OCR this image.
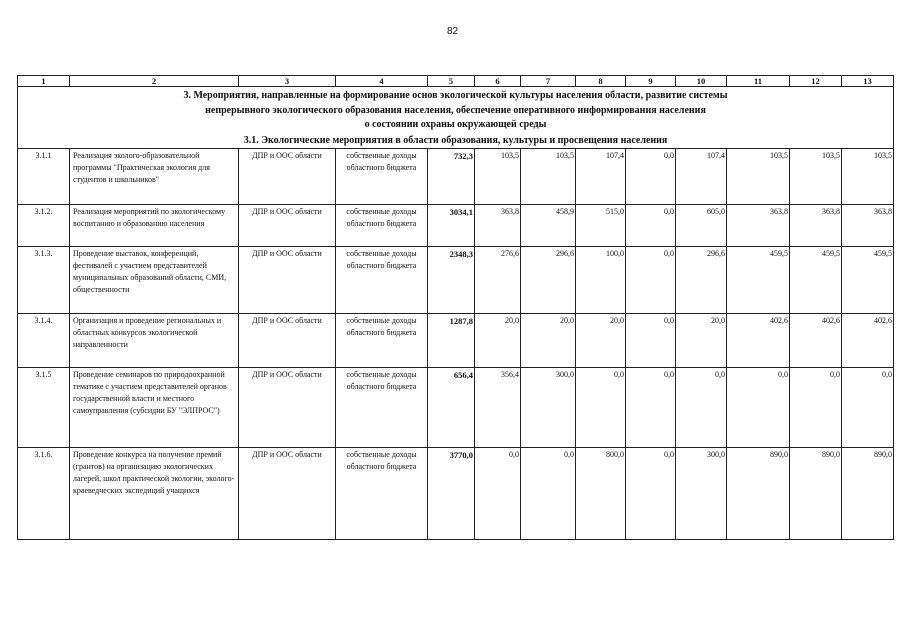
82
1	2	3	4	5	6	7	8	9	10	11	12	13

3. Мероприятия, направленные на формирование основ экологической культуры населения области, развитие системы
непрерывного экологического образования населения, обеспечение оперативного информирования населения
о состоянии охраны окружающей среды
3.1. Экологические мероприятия в области образования, культуры и просвещения населения												

3.1.1	Реализация эколого-образовательной программы "Практическая экология для студентов и школьников"	ДПР и ООС области	собственные доходы областного бюджета	732,3	103,5	103,5	107,4	0,0	107,4	103,5	103,5	103,5
3.1.2.	Реализация мероприятий по экологическому воспитанию и образованию населения	ДПР и ООС области	собственные доходы областного бюджета	3034,1	363,8	458,9	515,0	0,0	605,0	363,8	363,8	363,8
3.1.3.	Проведение выставок, конференций, фестивалей с участием представителей муниципальных образований области, СМИ, общественности	ДПР и ООС области	собственные доходы областного бюджета	2348,3	276,6	296,6	100,0	0,0	296,6	459,5	459,5	459,5
3.1.4.	Организация и проведение региональных и областных конкурсов экологической направленности	ДПР и ООС области	собственные доходы областного бюджета	1287,8	20,0	20,0	20,0	0,0	20,0	402,6	402,6	402,6
3.1.5	Проведение семинаров по природоохранной тематике с участием представителей органов государственной власти и местного самоуправления (субсидии БУ "ЭЛПРОС")	ДПР и ООС области	собственные доходы областного бюджета	656,4	356,4	300,0	0,0	0,0	0,0	0,0	0,0	0,0
3.1.6.	Проведение конкурса на получение премий (грантов) на организацию экологических лагерей, школ практической экологии, эколого-краеведческих экспедиций учащихся	ДПР и ООС области	собственные доходы областного бюджета	3770,0	0,0	0,0	800,0	0,0	300,0	890,0	890,0	890,0
